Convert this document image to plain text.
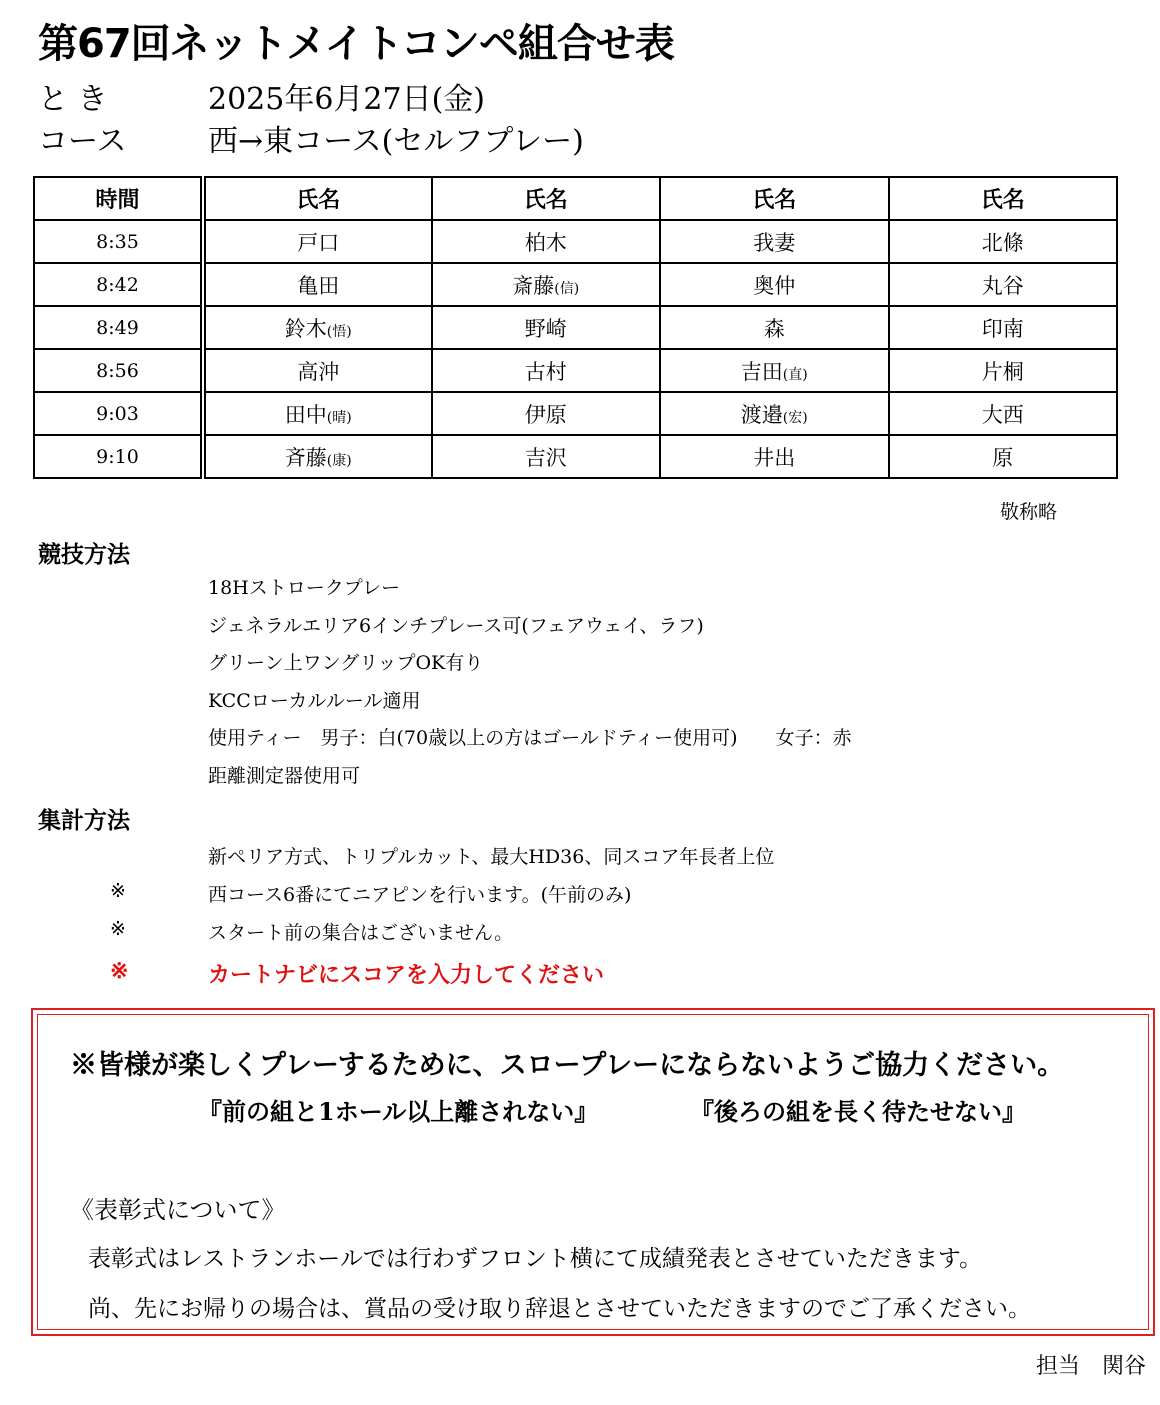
第67回ネットメイトコンペ組合せ表
と き	2025年6月27日(金)
コース	西→東コース(セルフプレー)
時間	氏名	氏名	氏名	氏名
8:35	戸口	柏木	我妻	北條
8:42	亀田	斎藤(信)	奥仲	丸谷
8:49	鈴木(悟)	野崎	森	印南
8:56	高沖	古村	吉田(直)	片桐
9:03	田中(晴)	伊原	渡邉(宏)	大西
9:10	斉藤(康)	吉沢	井出	原
敬称略
競技方法
18Hストロークプレー
ジェネラルエリア6インチプレース可(フェアウェイ、ラフ)
グリーン上ワングリップOK有り
KCCローカルルール適用
使用ティー　男子：白(70歳以上の方はゴールドティー使用可)　　女子：赤
距離測定器使用可
集計方法
新ペリア方式、トリプルカット、最大HD36、同スコア年長者上位
※	西コース6番にてニアピンを行います。(午前のみ)
※	スタート前の集合はございません。
※	カートナビにスコアを入力してください
※皆様が楽しくプレーするために、スロープレーにならないようご協力ください。
『前の組と1ホール以上離されない』	『後ろの組を長く待たせない』
《表彰式について》
表彰式はレストランホールでは行わずフロント横にて成績発表とさせていただきます。
尚、先にお帰りの場合は、賞品の受け取り辞退とさせていただきますのでご了承ください。
担当　関谷
